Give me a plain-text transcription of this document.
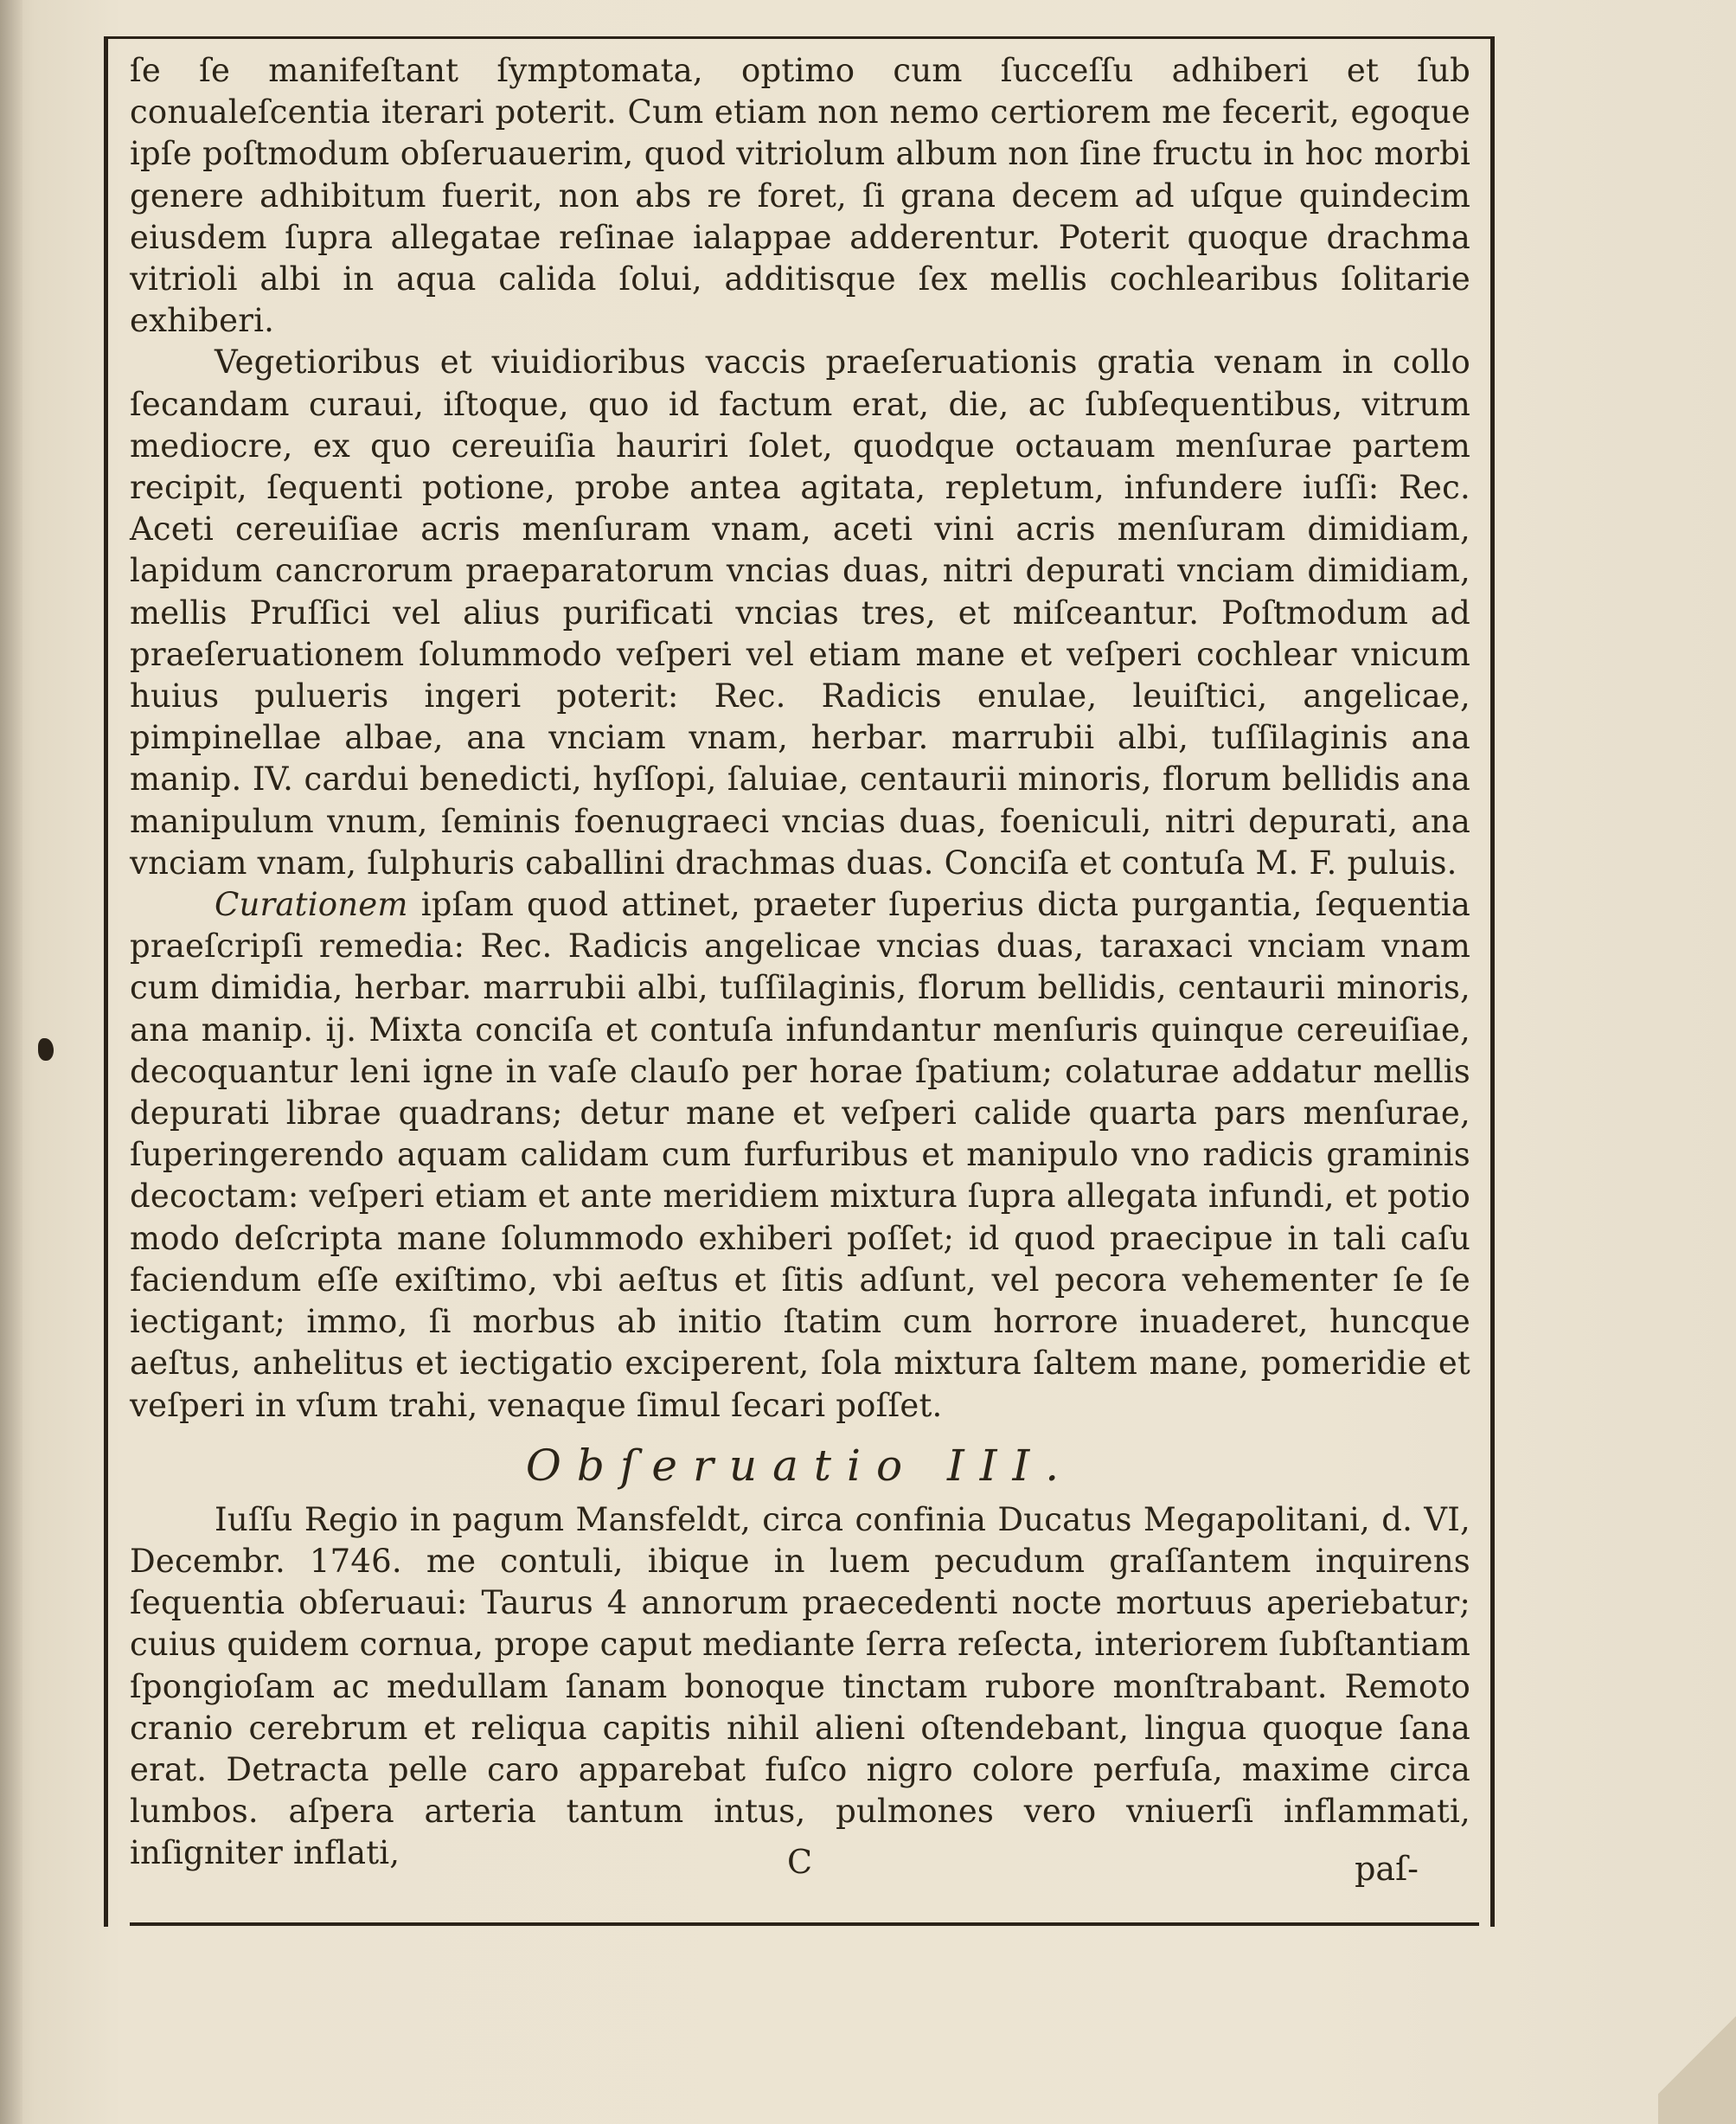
ſe ſe manifeſtant ſymptomata, optimo cum ſucceſſu adhiberi et ſub conualeſcentia iterari poterit. Cum etiam non nemo certiorem me fecerit, egoque ipſe poſtmodum obſeruauerim, quod vitriolum album non ſine fructu in hoc morbi genere adhibitum fuerit, non abs re foret, ſi grana decem ad uſque quindecim eiusdem ſupra allegatae reſinae ialappae adderentur. Poterit quoque drachma vitrioli albi in aqua calida ſolui, additisque ſex mellis cochlearibus ſolitarie exhiberi.

Vegetioribus et viuidioribus vaccis praeſeruationis gratia venam in collo ſecandam curaui, iſtoque, quo id factum erat, die, ac ſubſequentibus, vitrum mediocre, ex quo cereuiſia hauriri ſolet, quodque octauam menſurae partem recipit, ſequenti potione, probe antea agitata, repletum, infundere iuſſi: Rec. Aceti cereuiſiae acris menſuram vnam, aceti vini acris menſuram dimidiam, lapidum cancrorum praeparatorum vncias duas, nitri depurati vnciam dimidiam, mellis Pruſſici vel alius purificati vncias tres, et miſceantur. Poſtmodum ad praeſeruationem ſolummodo veſperi vel etiam mane et veſperi cochlear vnicum huius pulueris ingeri poterit: Rec. Radicis enulae, leuiſtici, angelicae, pimpinellae albae, ana vnciam vnam, herbar. marrubii albi, tuſſilaginis ana manip. IV. cardui benedicti, hyſſopi, ſaluiae, centaurii minoris, florum bellidis ana manipulum vnum, ſeminis foenugraeci vncias duas, foeniculi, nitri depurati, ana vnciam vnam, ſulphuris caballini drachmas duas. Conciſa et contuſa M. F. puluis.

Curationem ipſam quod attinet, praeter ſuperius dicta purgantia, ſequentia praeſcripſi remedia: Rec. Radicis angelicae vncias duas, taraxaci vnciam vnam cum dimidia, herbar. marrubii albi, tuſſilaginis, florum bellidis, centaurii minoris, ana manip. ij. Mixta conciſa et contuſa infundantur menſuris quinque cereuiſiae, decoquantur leni igne in vaſe clauſo per horae ſpatium; colaturae addatur mellis depurati librae quadrans; detur mane et veſperi calide quarta pars menſurae, ſuperingerendo aquam calidam cum furfuribus et manipulo vno radicis graminis decoctam: veſperi etiam et ante meridiem mixtura ſupra allegata infundi, et potio modo deſcripta mane ſolummodo exhiberi poſſet; id quod praecipue in tali caſu faciendum eſſe exiſtimo, vbi aeſtus et ſitis adſunt, vel pecora vehementer ſe ſe iectigant; immo, ſi morbus ab initio ſtatim cum horrore inuaderet, huncque aeſtus, anhelitus et iectigatio exciperent, ſola mixtura ſaltem mane, pomeridie et veſperi in vſum trahi, venaque ſimul ſecari poſſet.

Obſeruatio III.

Iuſſu Regio in pagum Mansfeldt, circa confinia Ducatus Megapolitani, d. VI, Decembr. 1746. me contuli, ibique in luem pecudum graſſantem inquirens ſequentia obſeruaui: Taurus 4 annorum praecedenti nocte mortuus aperiebatur; cuius quidem cornua, prope caput mediante ſerra reſecta, interiorem ſubſtantiam ſpongioſam ac medullam ſanam bonoque tinctam rubore monſtrabant. Remoto cranio cerebrum et reliqua capitis nihil alieni oſtendebant, lingua quoque ſana erat. Detracta pelle caro apparebat fuſco nigro colore perfuſa, maxime circa lumbos. aſpera arteria tantum intus, pulmones vero vniuerſi inflammati, inſigniter inflati,	C	paſ-
